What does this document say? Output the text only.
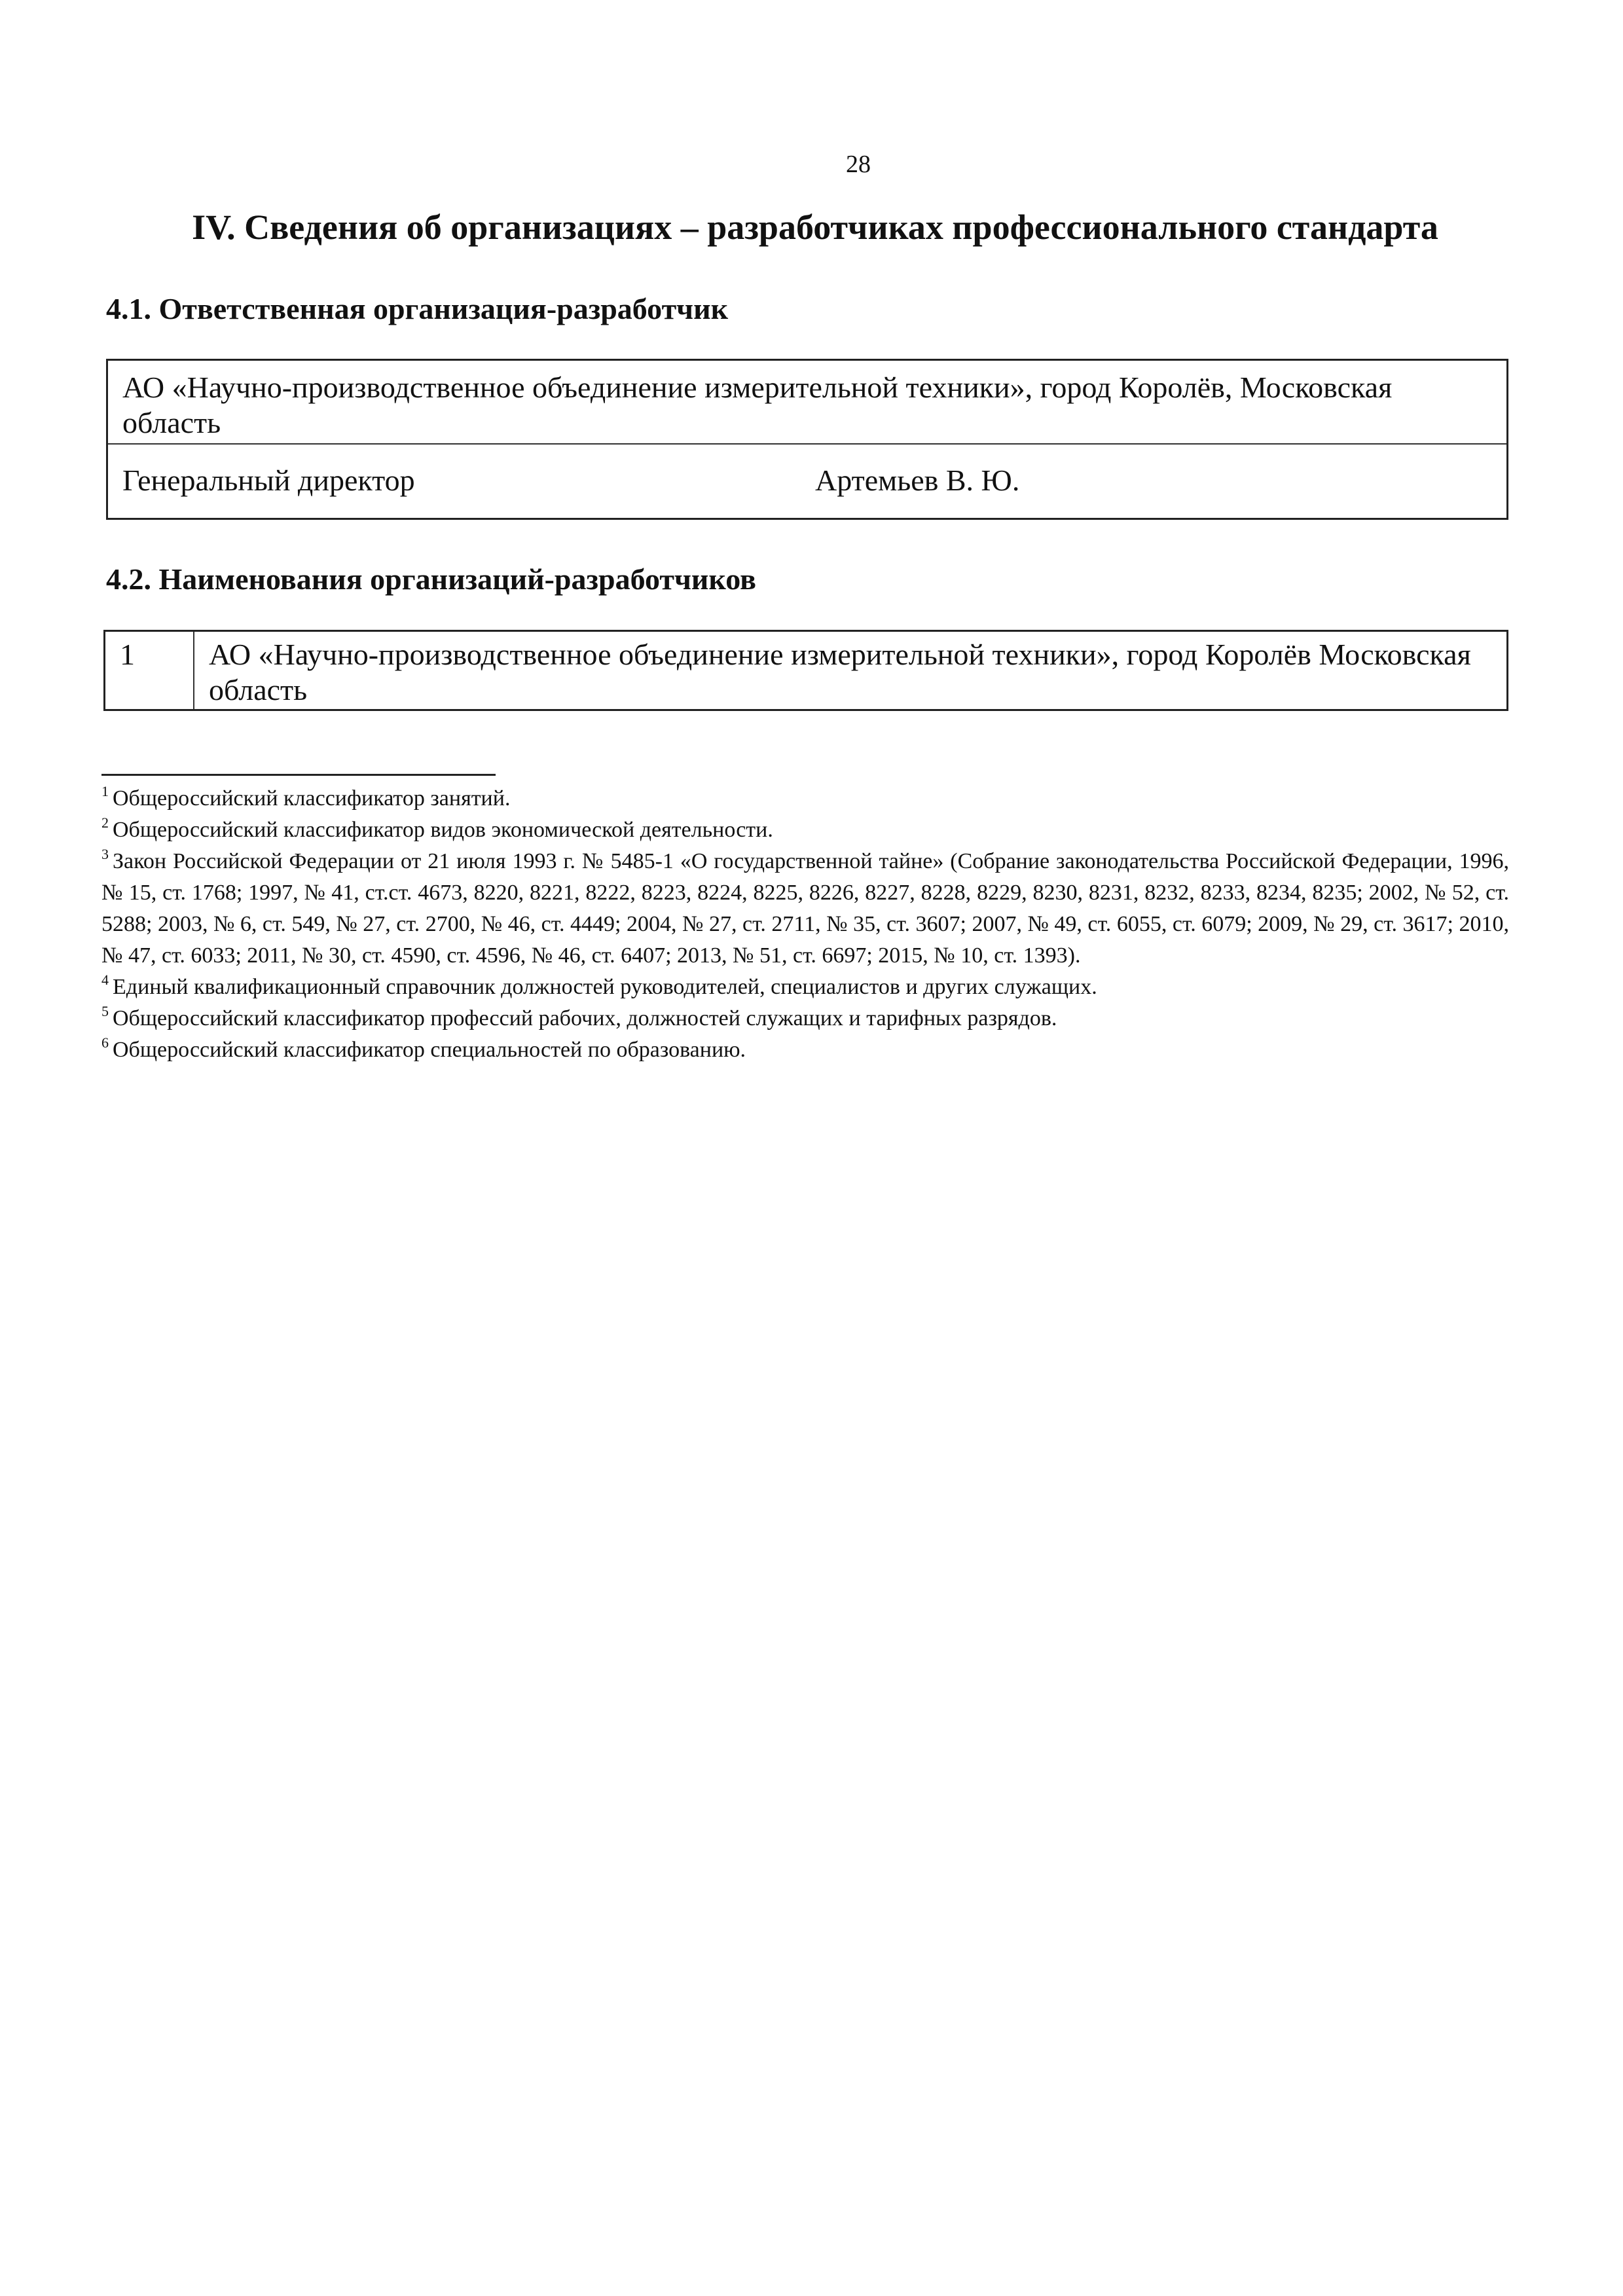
28
IV. Сведения об организациях – разработчиках профессионального стандарта
4.1. Ответственная организация-разработчик
АО «Научно-производственное объединение измерительной техники», город Королёв, Московская область
Генеральный директор	Артемьев В. Ю.
4.2. Наименования организаций-разработчиков
1 АО «Научно-производственное объединение измерительной техники», город Королёв Московская область

$^1$ Общероссийский классификатор занятий.

$^2$ Общероссийский классификатор видов экономической деятельности.

$^3$ Закон Российской Федерации от 21 июля 1993 г. № 5485-1 «О государственной тайне» (Собрание законодательства Российской Федерации, 1996, № 15, ст. 1768; 1997, № 41, ст.ст. 4673, 8220, 8221, 8222, 8223, 8224, 8225, 8226, 8227, 8228, 8229, 8230, 8231, 8232, 8233, 8234, 8235; 2002, № 52, ст. 5288; 2003, № 6, ст. 549, № 27, ст. 2700, № 46, ст. 4449; 2004, № 27, ст. 2711, № 35, ст. 3607; 2007, № 49, ст. 6055, ст. 6079; 2009, № 29, ст. 3617; 2010, № 47, ст. 6033; 2011, № 30, ст. 4590, ст. 4596, № 46, ст. 6407; 2013, № 51, ст. 6697; 2015, № 10, ст. 1393).

$^4$ Единый квалификационный справочник должностей руководителей, специалистов и других служащих.

$^5$ Общероссийский классификатор профессий рабочих, должностей служащих и тарифных разрядов.

$^6$ Общероссийский классификатор специальностей по образованию.
